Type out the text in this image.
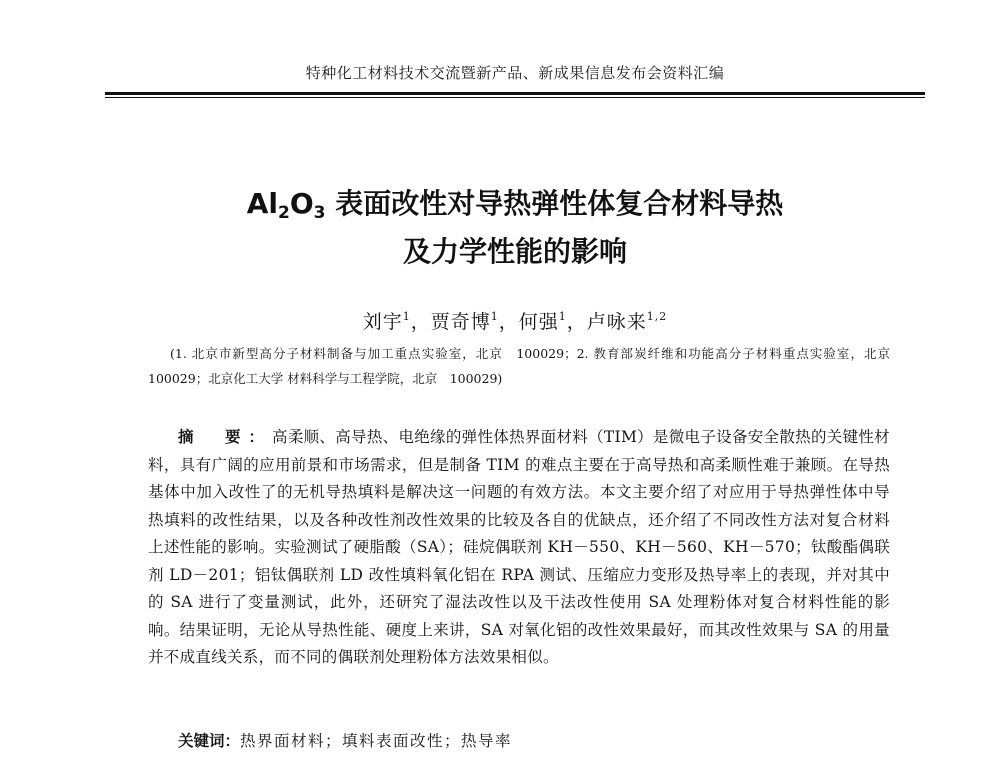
特种化工材料技术交流暨新产品、新成果信息发布会资料汇编
$Al_2O_3$ 表面改性对导热弹性体复合材料导热
及力学性能的影响
刘宇$^1$，贾奇博$^1$，何强$^1$，卢咏来$^{1,2}$
(1. 北京市新型高分子材料制备与加工重点实验室，北京　100029；2. 教育部炭纤维和功能高分子材料重点实验室，北京　100029；北京化工大学 材料科学与工程学院，北京　100029)
摘　要：高柔顺、高导热、电绝缘的弹性体热界面材料（TIM）是微电子设备安全散热的关键性材料，具有广阔的应用前景和市场需求，但是制备 TIM 的难点主要在于高导热和高柔顺性难于兼顾。在导热基体中加入改性了的无机导热填料是解决这一问题的有效方法。本文主要介绍了对应用于导热弹性体中导热填料的改性结果，以及各种改性剂改性效果的比较及各自的优缺点，还介绍了不同改性方法对复合材料上述性能的影响。实验测试了硬脂酸（SA）；硅烷偶联剂 KH－550、KH－560、KH－570；钛酸酯偶联剂 LD－201；铝钛偶联剂 LD 改性填料氧化铝在 RPA 测试、压缩应力变形及热导率上的表现，并对其中的 SA 进行了变量测试，此外，还研究了湿法改性以及干法改性使用 SA 处理粉体对复合材料性能的影响。结果证明，无论从导热性能、硬度上来讲，SA 对氧化铝的改性效果最好，而其改性效果与 SA 的用量并不成直线关系，而不同的偶联剂处理粉体方法效果相似。
关键词：热界面材料；填料表面改性；热导率
